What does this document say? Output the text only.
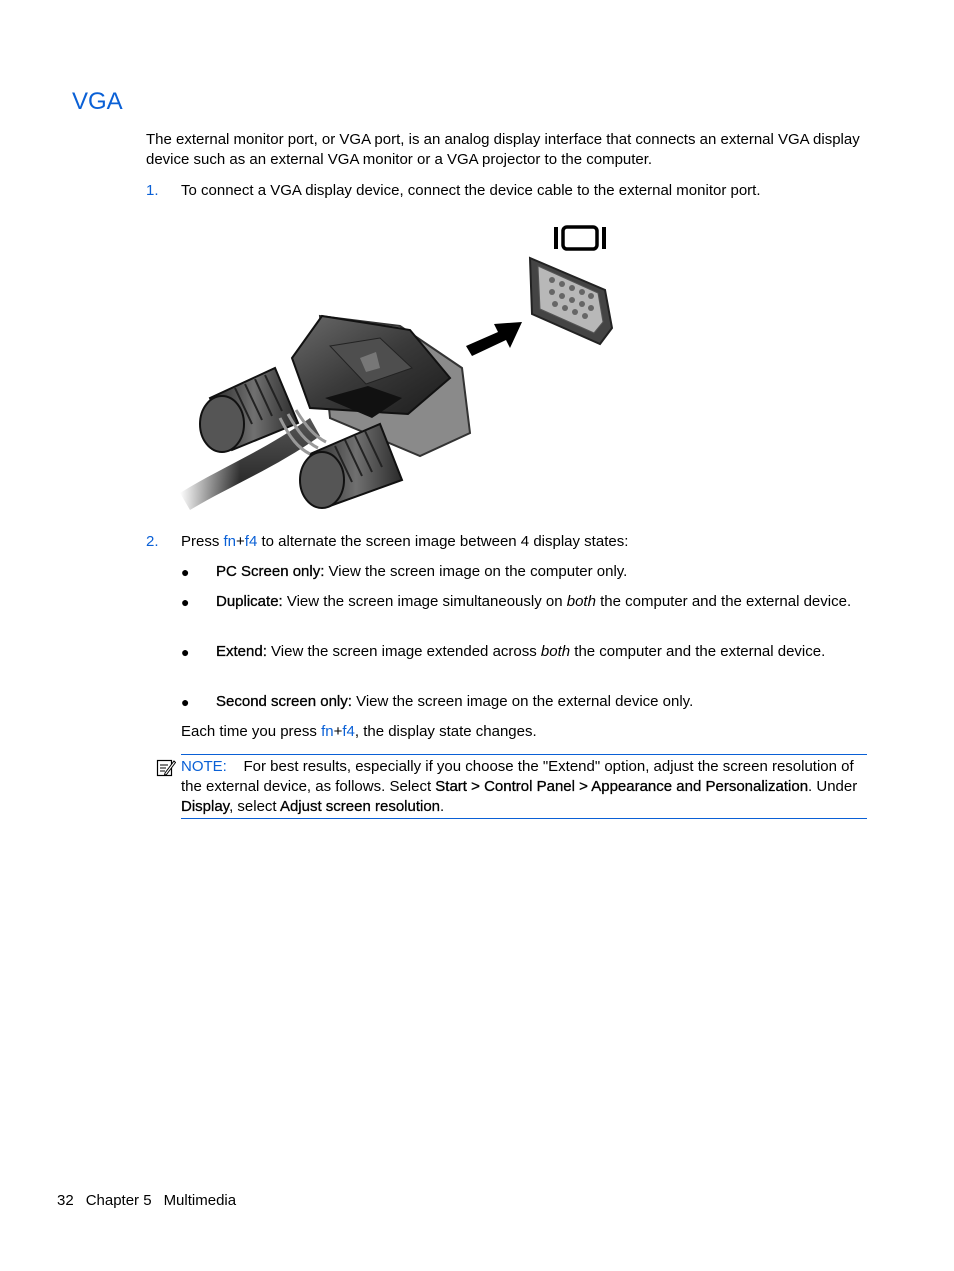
VGA

The external monitor port, or VGA port, is an analog display interface that connects an external VGA display device such as an external VGA monitor or a VGA projector to the computer.

1. To connect a VGA display device, connect the device cable to the external monitor port.
2. Press fn+f4 to alternate the screen image between 4 display states:
● PC Screen only: View the screen image on the computer only.
● Duplicate: View the screen image simultaneously on both the computer and the external device.
● Extend: View the screen image extended across both the computer and the external device.
● Second screen only: View the screen image on the external device only.
Each time you press fn+f4, the display state changes.

NOTE: For best results, especially if you choose the "Extend" option, adjust the screen resolution of the external device, as follows. Select Start > Control Panel > Appearance and Personalization. Under Display, select Adjust screen resolution.

32 Chapter 5 Multimedia
